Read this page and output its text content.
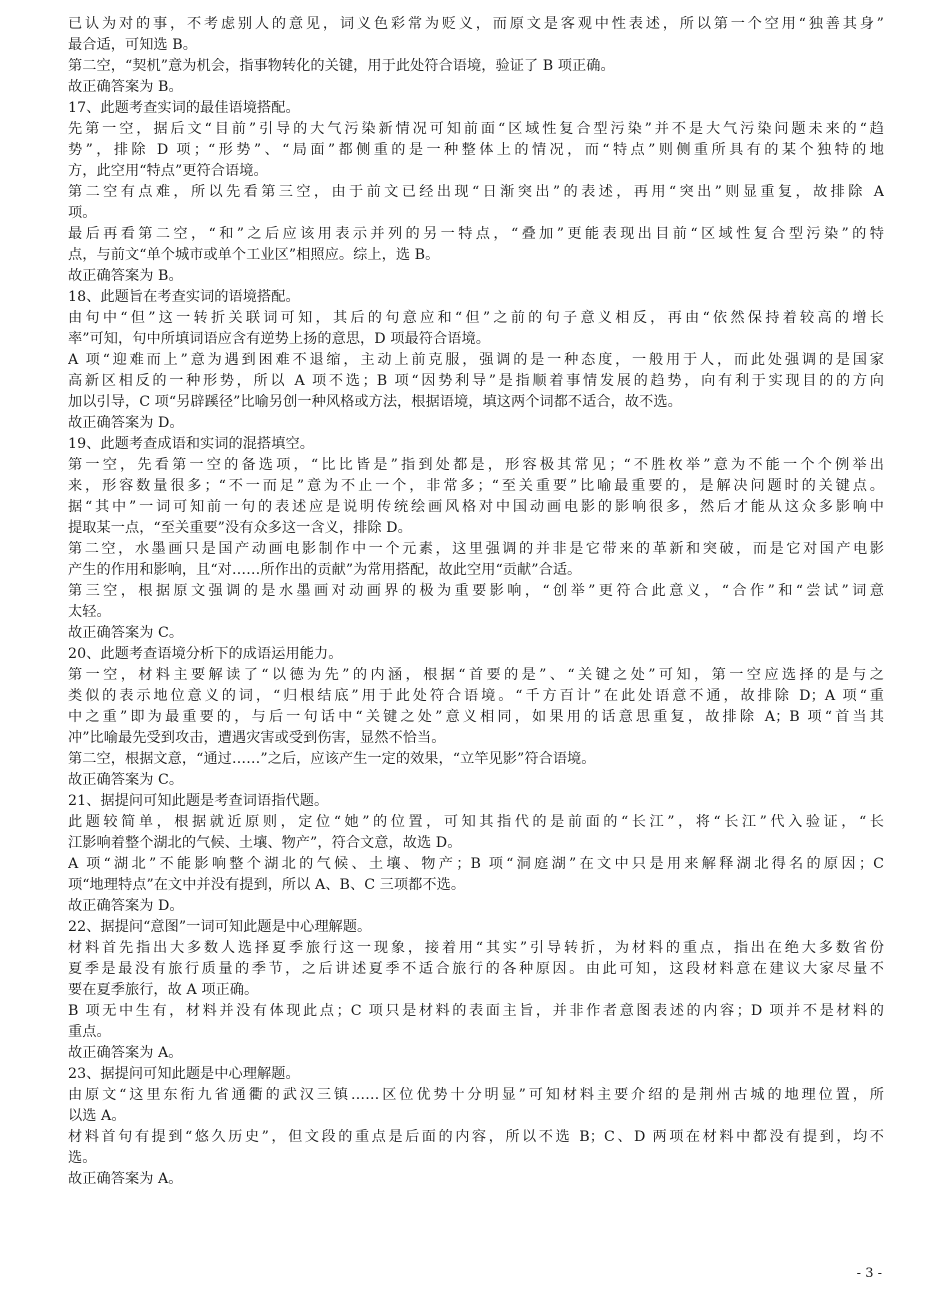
已认为对的事，不考虑别人的意见，词义色彩常为贬义，而原文是客观中性表述，所以第一个空用“独善其身”

最合适，可知选 B。

第二空，“契机”意为机会，指事物转化的关键，用于此处符合语境，验证了 B 项正确。

故正确答案为 B。

17、此题考查实词的最佳语境搭配。

先第一空，据后文“目前”引导的大气污染新情况可知前面“区域性复合型污染”并不是大气污染问题未来的“趋

势”，排除 D 项；“形势”、“局面”都侧重的是一种整体上的情况，而“特点”则侧重所具有的某个独特的地

方，此空用“特点”更符合语境。

第二空有点难，所以先看第三空，由于前文已经出现“日渐突出”的表述，再用“突出”则显重复，故排除 A

项。

最后再看第二空，“和”之后应该用表示并列的另一特点，“叠加”更能表现出目前“区域性复合型污染”的特

点，与前文“单个城市或单个工业区”相照应。综上，选 B。

故正确答案为 B。

18、此题旨在考查实词的语境搭配。

由句中“但”这一转折关联词可知，其后的句意应和“但”之前的句子意义相反，再由“依然保持着较高的增长

率”可知，句中所填词语应含有逆势上扬的意思，D 项最符合语境。

A 项“迎难而上”意为遇到困难不退缩，主动上前克服，强调的是一种态度，一般用于人，而此处强调的是国家

高新区相反的一种形势，所以 A 项不选；B 项“因势利导”是指顺着事情发展的趋势，向有利于实现目的的方向

加以引导，C 项“另辟蹊径”比喻另创一种风格或方法，根据语境，填这两个词都不适合，故不选。

故正确答案为 D。

19、此题考查成语和实词的混搭填空。

第一空，先看第一空的备选项，“比比皆是”指到处都是，形容极其常见；“不胜枚举”意为不能一个个例举出

来，形容数量很多；“不一而足”意为不止一个，非常多；“至关重要”比喻最重要的，是解决问题时的关键点。

据“其中”一词可知前一句的表述应是说明传统绘画风格对中国动画电影的影响很多，然后才能从这众多影响中

提取某一点，“至关重要”没有众多这一含义，排除 D。

第二空，水墨画只是国产动画电影制作中一个元素，这里强调的并非是它带来的革新和突破，而是它对国产电影

产生的作用和影响，且“对……所作出的贡献”为常用搭配，故此空用“贡献”合适。

第三空，根据原文强调的是水墨画对动画界的极为重要影响，“创举”更符合此意义，“合作”和“尝试”词意

太轻。

故正确答案为 C。

20、此题考查语境分析下的成语运用能力。

第一空，材料主要解读了“以德为先”的内涵，根据“首要的是”、“关键之处”可知，第一空应选择的是与之

类似的表示地位意义的词，“归根结底”用于此处符合语境。“千方百计”在此处语意不通，故排除 D；A 项“重

中之重”即为最重要的，与后一句话中“关键之处”意义相同，如果用的话意思重复，故排除 A；B 项“首当其

冲”比喻最先受到攻击，遭遇灾害或受到伤害，显然不恰当。

第二空，根据文意，“通过……”之后，应该产生一定的效果，“立竿见影”符合语境。

故正确答案为 C。

21、据提问可知此题是考查词语指代题。

此题较简单，根据就近原则，定位“她”的位置，可知其指代的是前面的“长江”，将“长江”代入验证，“长

江影响着整个湖北的气候、土壤、物产”，符合文意，故选 D。

A 项“湖北”不能影响整个湖北的气候、土壤、物产；B 项“洞庭湖”在文中只是用来解释湖北得名的原因；C

项“地理特点”在文中并没有提到，所以 A、B、C 三项都不选。

故正确答案为 D。

22、据提问“意图”一词可知此题是中心理解题。

材料首先指出大多数人选择夏季旅行这一现象，接着用“其实”引导转折，为材料的重点，指出在绝大多数省份

夏季是最没有旅行质量的季节，之后讲述夏季不适合旅行的各种原因。由此可知，这段材料意在建议大家尽量不

要在夏季旅行，故 A 项正确。

B 项无中生有，材料并没有体现此点；C 项只是材料的表面主旨，并非作者意图表述的内容；D 项并不是材料的

重点。

故正确答案为 A。

23、据提问可知此题是中心理解题。

由原文“这里东衔九省通衢的武汉三镇……区位优势十分明显”可知材料主要介绍的是荆州古城的地理位置，所

以选 A。

材料首句有提到“悠久历史”，但文段的重点是后面的内容，所以不选 B；C、D 两项在材料中都没有提到，均不

选。

故正确答案为 A。

- 3 -
